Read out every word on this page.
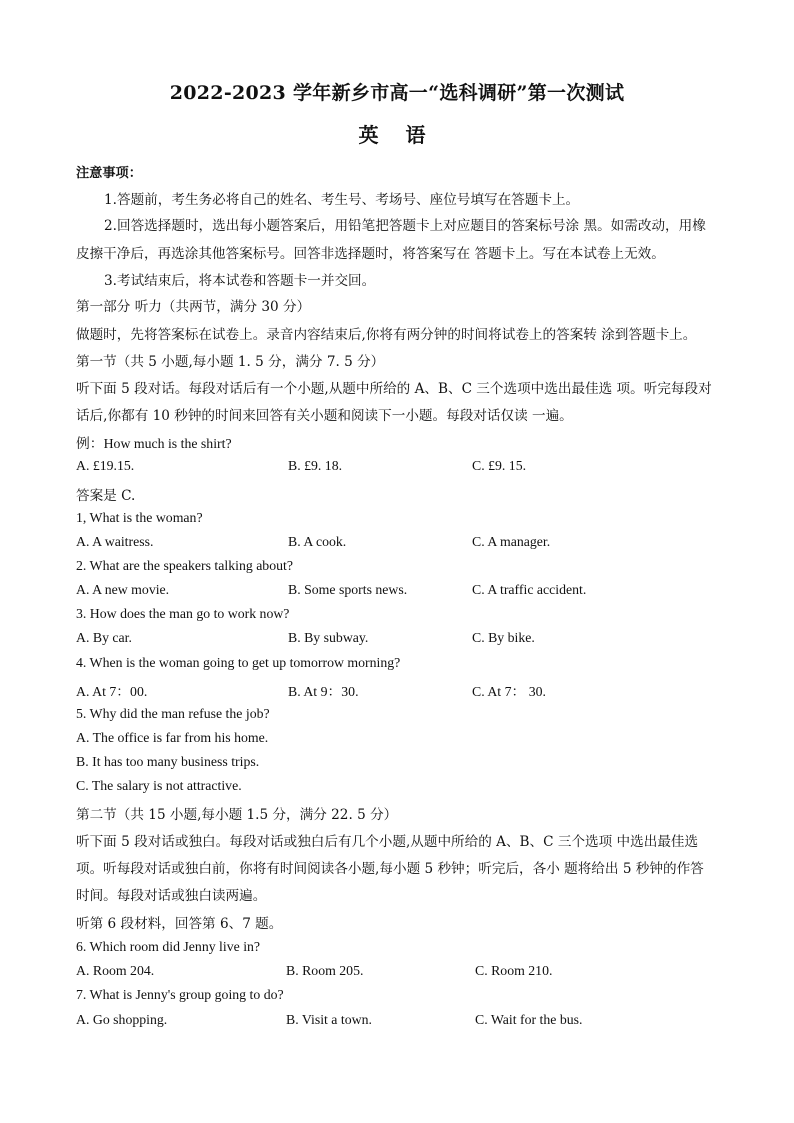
2022-2023 学年新乡市高一“选科调研”第一次测试
英 语
注意事项：
1.答题前，考生务必将自己的姓名、考生号、考场号、座位号填写在答题卡上。
2.回答选择题时，选出每小题答案后，用铅笔把答题卡上对应题目的答案标号涂 黑。如需改动，用橡
皮擦干净后，再选涂其他答案标号。回答非选择题时，将答案写在 答题卡上。写在本试卷上无效。
3.考试结束后，将本试卷和答题卡一并交回。
第一部分 听力（共两节，满分 30 分）
做题时，先将答案标在试卷上。录音内容结束后,你将有两分钟的时间将试卷上的答案转 涂到答题卡上。
第一节（共 5 小题,每小题 1. 5 分，满分 7. 5 分）
听下面 5 段对话。每段对话后有一个小题,从题中所给的 A、B、C 三个选项中选出最佳选 项。听完每段对
话后,你都有 10 秒钟的时间来回答有关小题和阅读下一小题。每段对话仅读 一遍。
例：How much is the shirt?
A. £19.15.	B. £9. 18.	C. £9. 15.
答案是 C.
1, What is the woman?
A. A waitress.	B. A cook.	C. A manager.
2. What are the speakers talking about?
A. A new movie.	B. Some sports news.	C. A traffic accident.
3. How does the man go to work now?
A. By car.	B. By subway.	C. By bike.
4. When is the woman going to get up tomorrow morning?
A. At 7：00.	B. At 9：30.	C. At 7： 30.
5. Why did the man refuse the job?
A. The office is far from his home.
B. It has too many business trips.
C. The salary is not attractive.
第二节（共 15 小题,每小题 1.5 分，满分 22. 5 分）
听下面 5 段对话或独白。每段对话或独白后有几个小题,从题中所给的 A、B、C 三个选项 中选出最佳选
项。听每段对话或独白前，你将有时间阅读各小题,每小题 5 秒钟；听完后，各小 题将给出 5 秒钟的作答
时间。每段对话或独白读两遍。
听第 6 段材料，回答第 6、7 题。
6. Which room did Jenny live in?
A. Room 204.	B. Room 205.	C. Room 210.
7. What is Jenny's group going to do?
A. Go shopping.	B. Visit a town.	C. Wait for the bus.
